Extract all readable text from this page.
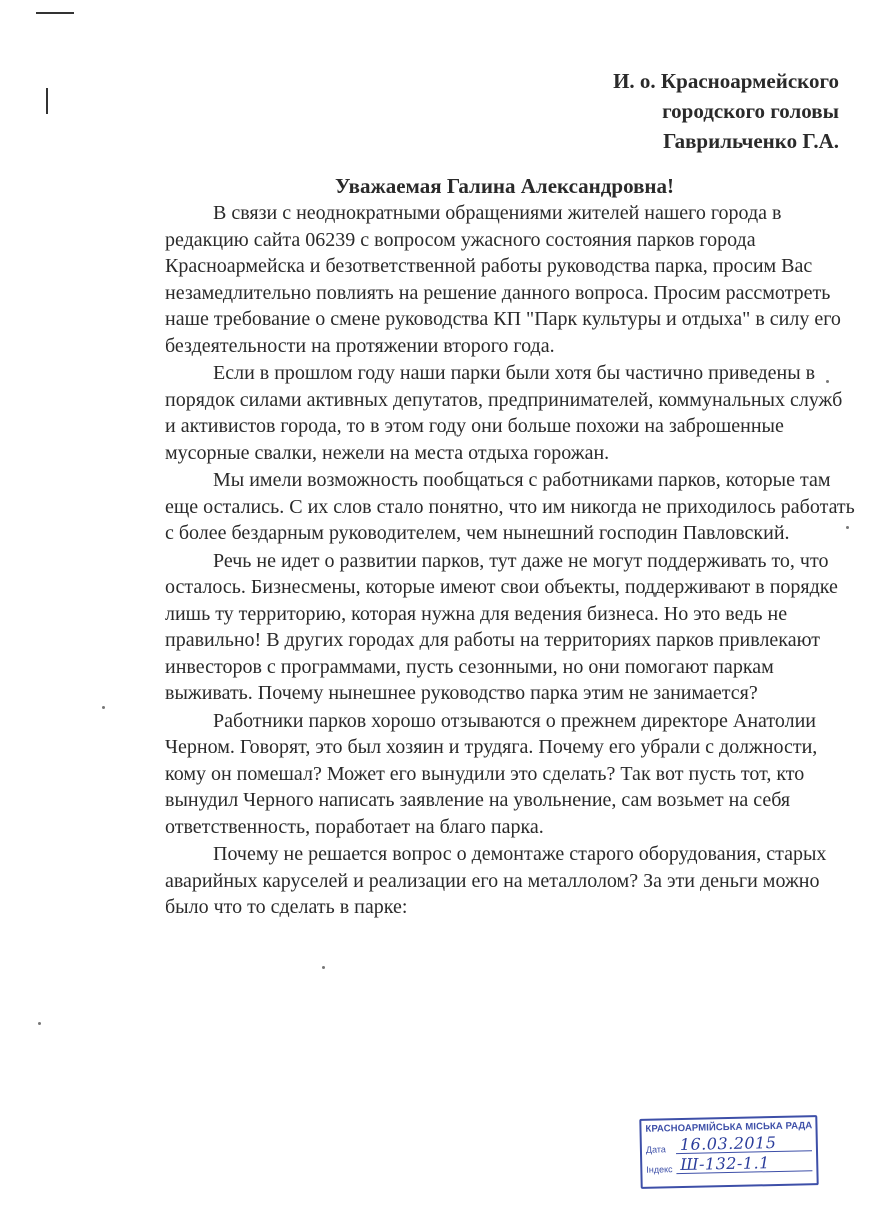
И. о. Красноармейского
городского головы
Гаврильченко Г.А.
Уважаемая Галина Александровна!

В связи с неоднократными обращениями жителей нашего города в редакцию сайта 06239 с вопросом ужасного состояния парков города Красноармейска и безответственной работы руководства парка, просим Вас незамедлительно повлиять на решение данного вопроса. Просим рассмотреть наше требование о смене руководства КП "Парк культуры и отдыха" в силу его бездеятельности на протяжении второго года.

Если в прошлом году наши парки были хотя бы частично приведены в порядок силами активных депутатов, предпринимателей, коммунальных служб и активистов города, то в этом году они больше похожи на заброшенные мусорные свалки, нежели на места отдыха горожан.

Мы имели возможность пообщаться с работниками парков, которые там еще остались. С их слов стало понятно, что им никогда не приходилось работать с более бездарным руководителем, чем нынешний господин Павловский.

Речь не идет о развитии парков, тут даже не могут поддерживать то, что осталось. Бизнесмены, которые имеют свои объекты, поддерживают в порядке лишь ту территорию, которая нужна для ведения бизнеса. Но это ведь не правильно! В других городах для работы на территориях парков привлекают инвесторов с программами, пусть сезонными, но они помогают паркам выживать. Почему нынешнее руководство парка этим не занимается?

Работники парков хорошо отзываются о прежнем директоре Анатолии Черном. Говорят, это был хозяин и трудяга. Почему его убрали с должности, кому он помешал? Может его вынудили это сделать? Так вот пусть тот, кто вынудил Черного написать заявление на увольнение, сам возьмет на себя ответственность, поработает на благо парка.

Почему не решается вопрос о демонтаже старого оборудования, старых аварийных каруселей и реализации его на металлолом? За эти деньги можно было что то сделать в парке:

КРАСНОАРМІЙСЬКА МІСЬКА РАДА
Дата 16.03.2015
Індекс Ш-132-1.1
